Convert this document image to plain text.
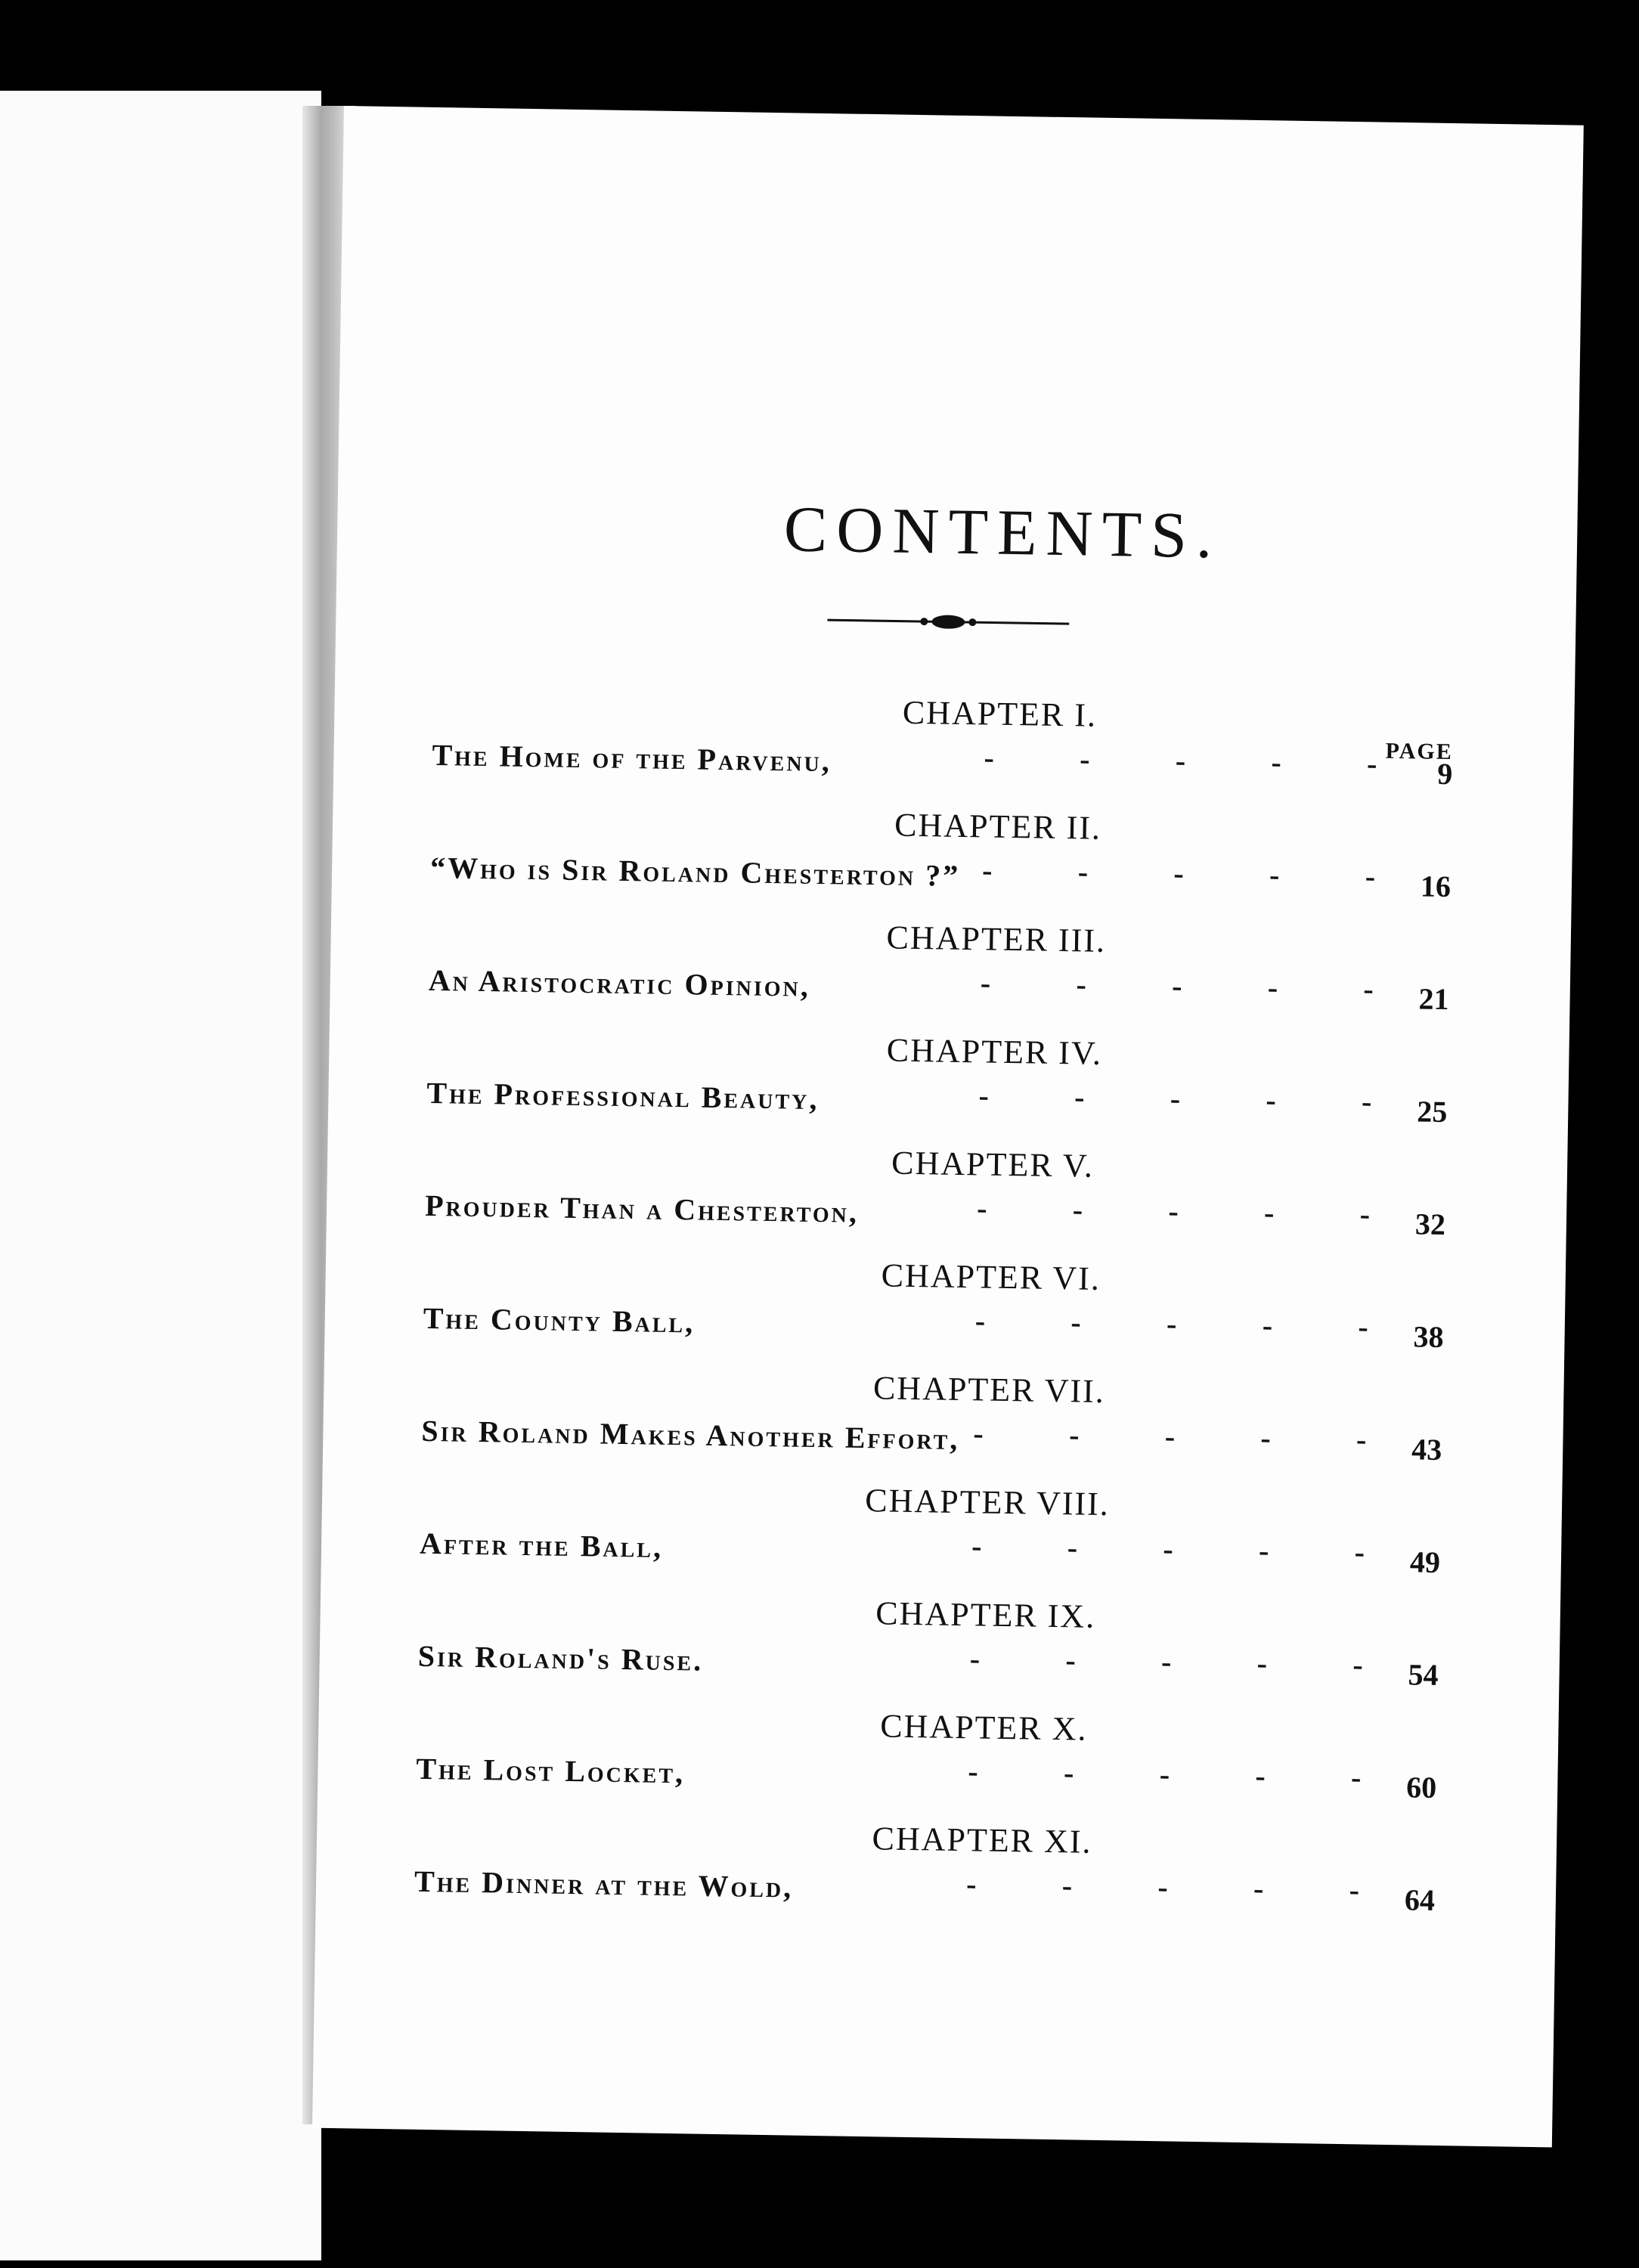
CONTENTS.
PAGE
CHAPTER I.
The Home of the Parvenu,	-	-	-	-	-	9
CHAPTER II.
“Who is Sir Roland Chesterton ?” -	-	-	-	-	16
CHAPTER III.
An Aristocratic Opinion,	-	-	-	-	-	21
CHAPTER IV.
The Professional Beauty,	-	-	-	-	-	25
CHAPTER V.
Prouder Than a Chesterton,	-	-	-	-	-	32
CHAPTER VI.
The County Ball,	-	-	-	-	-	38
CHAPTER VII.
Sir Roland Makes Another Effort, -	-	-	-	-	43
CHAPTER VIII.
After the Ball,	-	-	-	-	-	49
CHAPTER IX.
Sir Roland's Ruse.	-	-	-	-	-	54
CHAPTER X.
The Lost Locket,	-	-	-	-	-	60
CHAPTER XI.
The Dinner at the Wold,	-	-	-	-	-	64
